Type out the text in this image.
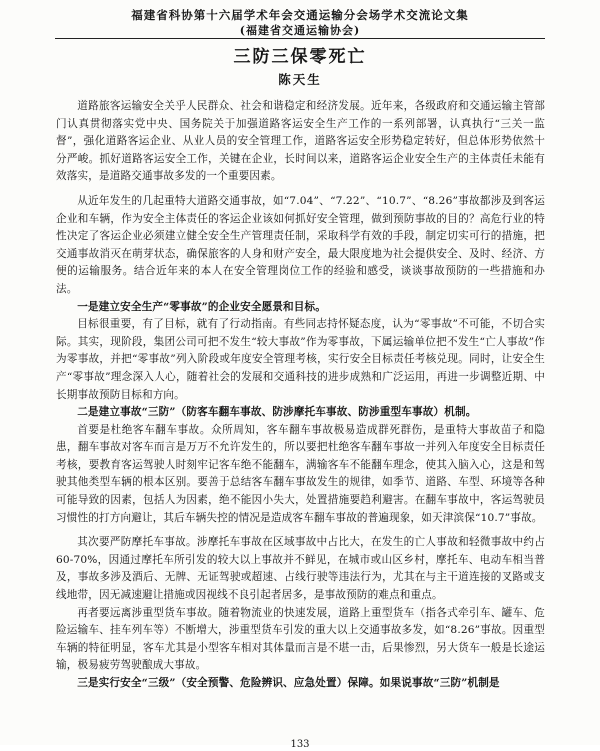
福建省科协第十六届学术年会交通运输分会场学术交流论文集
(福建省交通运输协会)
三防三保零死亡
陈天生

道路旅客运输安全关乎人民群众、社会和谐稳定和经济发展。近年来，各级政府和交通运输主管部门认真贯彻落实党中央、国务院关于加强道路客运安全生产工作的一系列部署，认真执行“三关一监督”，强化道路客运企业、从业人员的安全管理工作，道路客运安全形势稳定转好，但总体形势依然十分严峻。抓好道路客运安全工作，关键在企业，长时间以来，道路客运企业安全生产的主体责任未能有效落实，是道路交通事故多发的一个重要因素。

从近年发生的几起重特大道路交通事故，如“7.04”、“7.22”、“10.7”、“8.26”事故都涉及到客运企业和车辆，作为安全主体责任的客运企业该如何抓好安全管理，做到预防事故的目的？高危行业的特性决定了客运企业必须建立健全安全生产管理责任制，采取科学有效的手段，制定切实可行的措施，把交通事故消灭在萌芽状态，确保旅客的人身和财产安全，最大限度地为社会提供安全、及时、经济、方便的运输服务。结合近年来的本人在安全管理岗位工作的经验和感受，谈谈事故预防的一些措施和办法。

一是建立安全生产“零事故”的企业安全愿景和目标。

目标很重要，有了目标，就有了行动指南。有些同志持怀疑态度，认为“零事故”不可能，不切合实际。其实，现阶段，集团公司可把不发生“较大事故”作为零事故，下属运输单位把不发生“亡人事故”作为零事故，并把“零事故”列入阶段或年度安全管理考核，实行安全目标责任考核兑现。同时，让安全生产“零事故”理念深入人心，随着社会的发展和交通科技的进步成熟和广泛运用，再进一步调整近期、中长期事故预防目标和方向。

二是建立事故“三防”（防客车翻车事故、防涉摩托车事故、防涉重型车事故）机制。

首要是杜绝客车翻车事故。众所周知，客车翻车事故极易造成群死群伤，是重特大事故苗子和隐患，翻车事故对客车而言是万万不允许发生的，所以要把杜绝客车翻车事故一并列入年度安全目标责任考核，要教育客运驾驶人时刻牢记客车绝不能翻车，满输客车不能翻车理念，使其入脑入心，这是和驾驶其他类型车辆的根本区别。要善于总结客车翻车事故发生的规律，如季节、道路、车型、环境等各种可能导致的因素，包括人为因素，绝不能因小失大，处置措施要趋利避害。在翻车事故中，客运驾驶员习惯性的打方向避让，其后车辆失控的情况是造成客车翻车事故的普遍现象，如天津滨保“10.7”事故。

其次要严防摩托车事故。涉摩托车事故在区域事故中占比大，在发生的亡人事故和轻微事故中约占60-70%，因通过摩托车所引发的较大以上事故并不鲜见，在城市或山区乡村，摩托车、电动车相当普及，事故多涉及酒后、无牌、无证驾驶或超速、占线行驶等违法行为，尤其在与主干道连接的叉路或支线地带，因无减速避让措施或因视线不良引起者居多，是事故预防的难点和重点。

再者要远离涉重型货车事故。随着物流业的快速发展，道路上重型货车（指各式牵引车、罐车、危险运输车、挂车列车等）不断增大，涉重型货车引发的重大以上交通事故多发，如“8.26”事故。因重型车辆的特征明显，客车尤其是小型客车相对其体量而言是不堪一击，后果惨烈，另大货车一般是长途运输，极易疲劳驾驶酿成大事故。

三是实行安全“三级”（安全预警、危险辨识、应急处置）保障。如果说事故“三防”机制是

133
